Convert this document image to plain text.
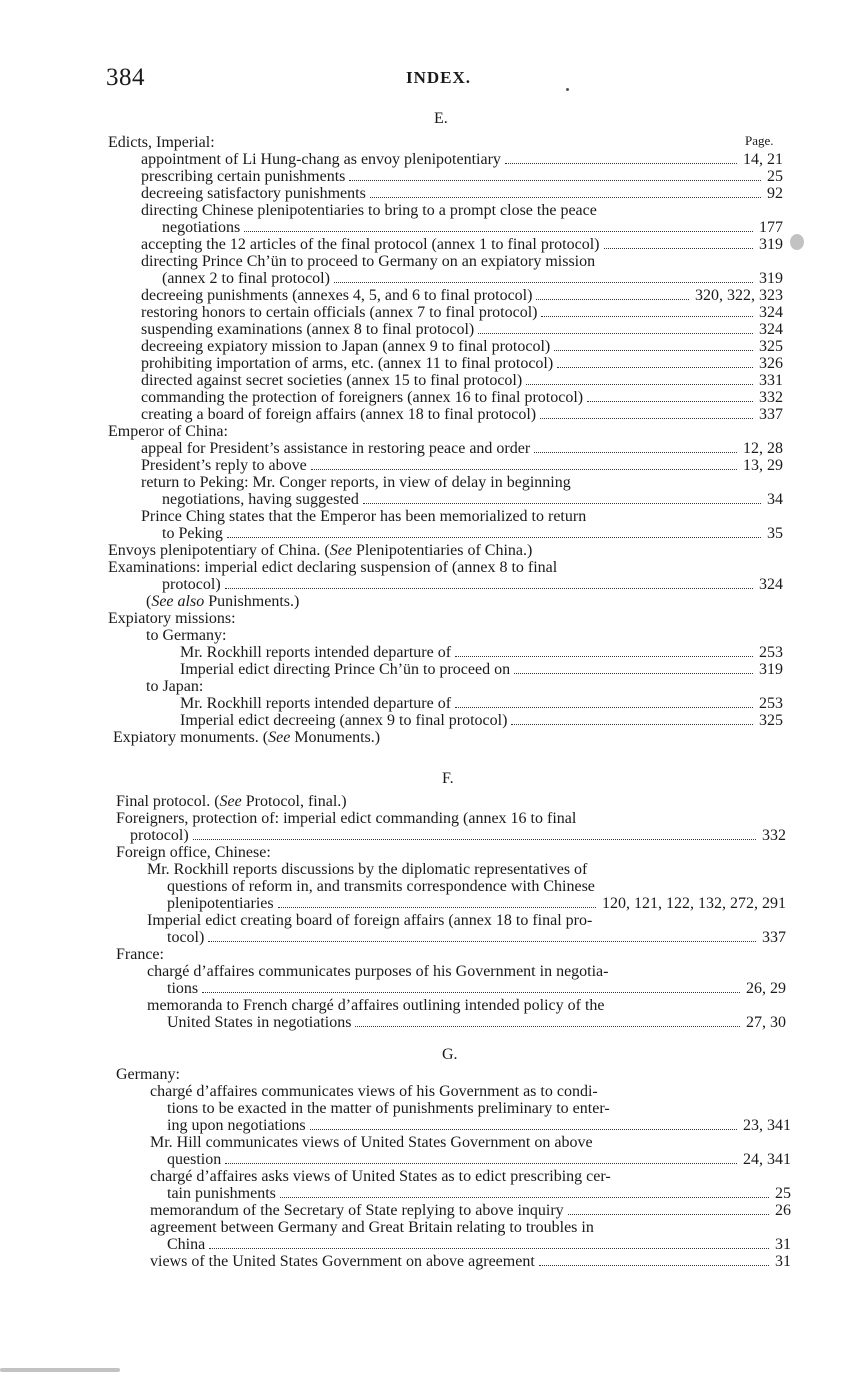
384	INDEX.
E.
Edicts, Imperial:	Page.
appointment of Li Hung-chang as envoy plenipotentiary	14, 21
prescribing certain punishments	25
decreeing satisfactory punishments	92
directing Chinese plenipotentiaries to bring to a prompt close the peace
negotiations	177
accepting the 12 articles of the final protocol (annex 1 to final protocol)	319
directing Prince Ch’ün to proceed to Germany on an expiatory mission
(annex 2 to final protocol)	319
decreeing punishments (annexes 4, 5, and 6 to final protocol)	320, 322, 323
restoring honors to certain officials (annex 7 to final protocol)	324
suspending examinations (annex 8 to final protocol)	324
decreeing expiatory mission to Japan (annex 9 to final protocol)	325
prohibiting importation of arms, etc. (annex 11 to final protocol)	326
directed against secret societies (annex 15 to final protocol)	331
commanding the protection of foreigners (annex 16 to final protocol)	332
creating a board of foreign affairs (annex 18 to final protocol)	337
Emperor of China:
appeal for President’s assistance in restoring peace and order	12, 28
President’s reply to above	13, 29
return to Peking: Mr. Conger reports, in view of delay in beginning
negotiations, having suggested	34
Prince Ching states that the Emperor has been memorialized to return
to Peking	35
Envoys plenipotentiary of China. (See Plenipotentiaries of China.)
Examinations: imperial edict declaring suspension of (annex 8 to final
protocol)	324
(See also Punishments.)
Expiatory missions:
to Germany:
Mr. Rockhill reports intended departure of	253
Imperial edict directing Prince Ch’ün to proceed on	319
to Japan:
Mr. Rockhill reports intended departure of	253
Imperial edict decreeing (annex 9 to final protocol)	325
Expiatory monuments. (See Monuments.)
F.
Final protocol. (See Protocol, final.)
Foreigners, protection of: imperial edict commanding (annex 16 to final
protocol)	332
Foreign office, Chinese:
Mr. Rockhill reports discussions by the diplomatic representatives of
questions of reform in, and transmits correspondence with Chinese
plenipotentiaries	120, 121, 122, 132, 272, 291
Imperial edict creating board of foreign affairs (annex 18 to final pro-
tocol)	337
France:
chargé d’affaires communicates purposes of his Government in negotia-
tions	26, 29
memoranda to French chargé d’affaires outlining intended policy of the
United States in negotiations	27, 30
G.
Germany:
chargé d’affaires communicates views of his Government as to condi-
tions to be exacted in the matter of punishments preliminary to enter-
ing upon negotiations	23, 341
Mr. Hill communicates views of United States Government on above
question	24, 341
chargé d’affaires asks views of United States as to edict prescribing cer-
tain punishments	25
memorandum of the Secretary of State replying to above inquiry	26
agreement between Germany and Great Britain relating to troubles in
China	31
views of the United States Government on above agreement	31
